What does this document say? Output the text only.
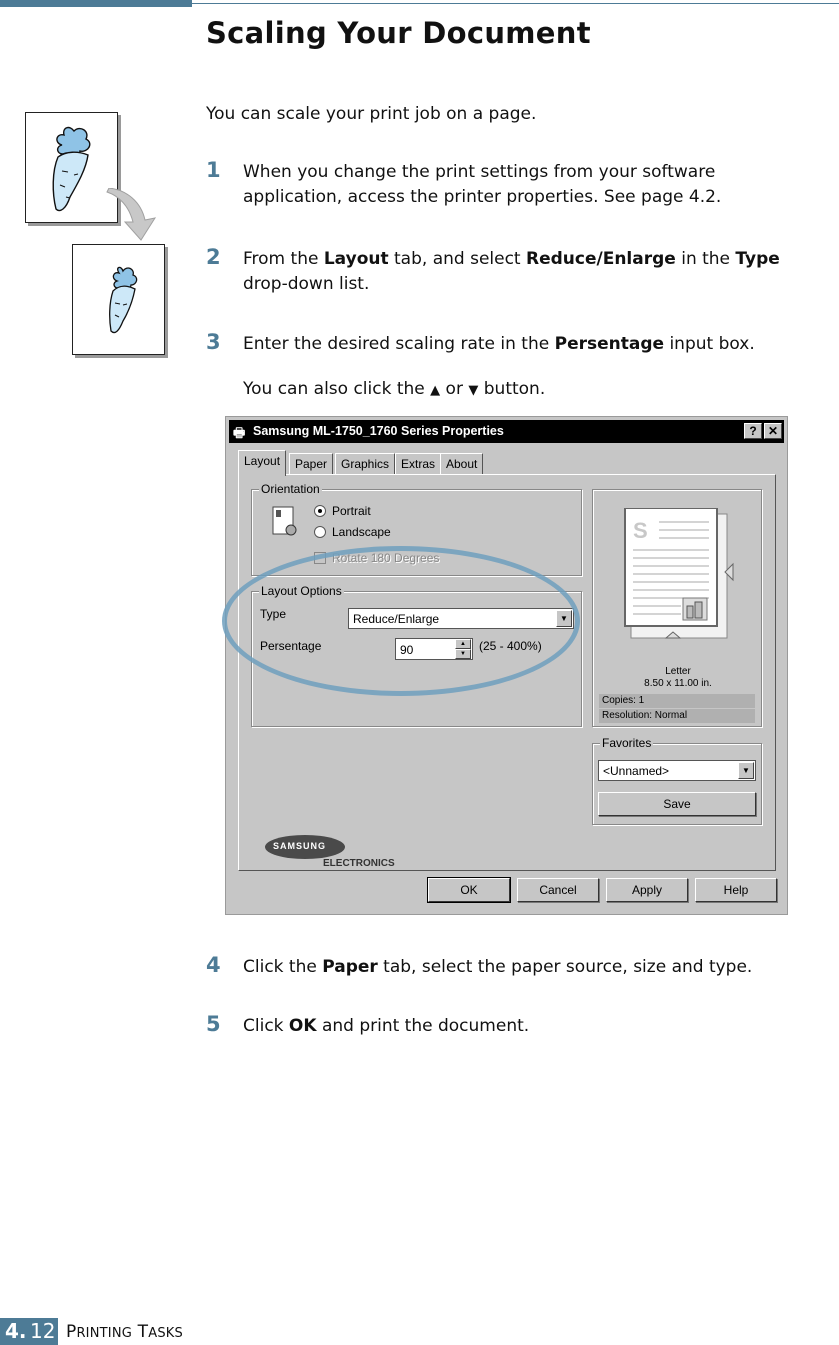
Scaling Your Document

You can scale your print job on a page.

1	When you change the print settings from your software application, access the printer properties. See page 4.2.
2	From the Layout tab, and select Reduce/Enlarge in the Type drop-down list.
3	Enter the desired scaling rate in the Persentage input box.

You can also click the ▲ or ▼ button.

🖶 Samsung ML-1750_1760 Series Properties	? ✕
Layout	Paper	Graphics Extras About
Orientation
Portrait
Landscape
Rotate 180 Degrees
Layout Options
Type	Reduce/Enlarge	▼
Persentage	90	▲
▼
(25 - 400%)
S
Letter
8.50 x 11.00 in.
Copies: 1
Resolution: Normal
Favorites
<Unnamed>	▼
Save
SAMSUNG
ELECTRONICS
OK	Cancel	Apply	Help
4	Click the Paper tab, select the paper source, size and type.
5	Click OK and print the document.
4. 12 PRINTING TASKS
